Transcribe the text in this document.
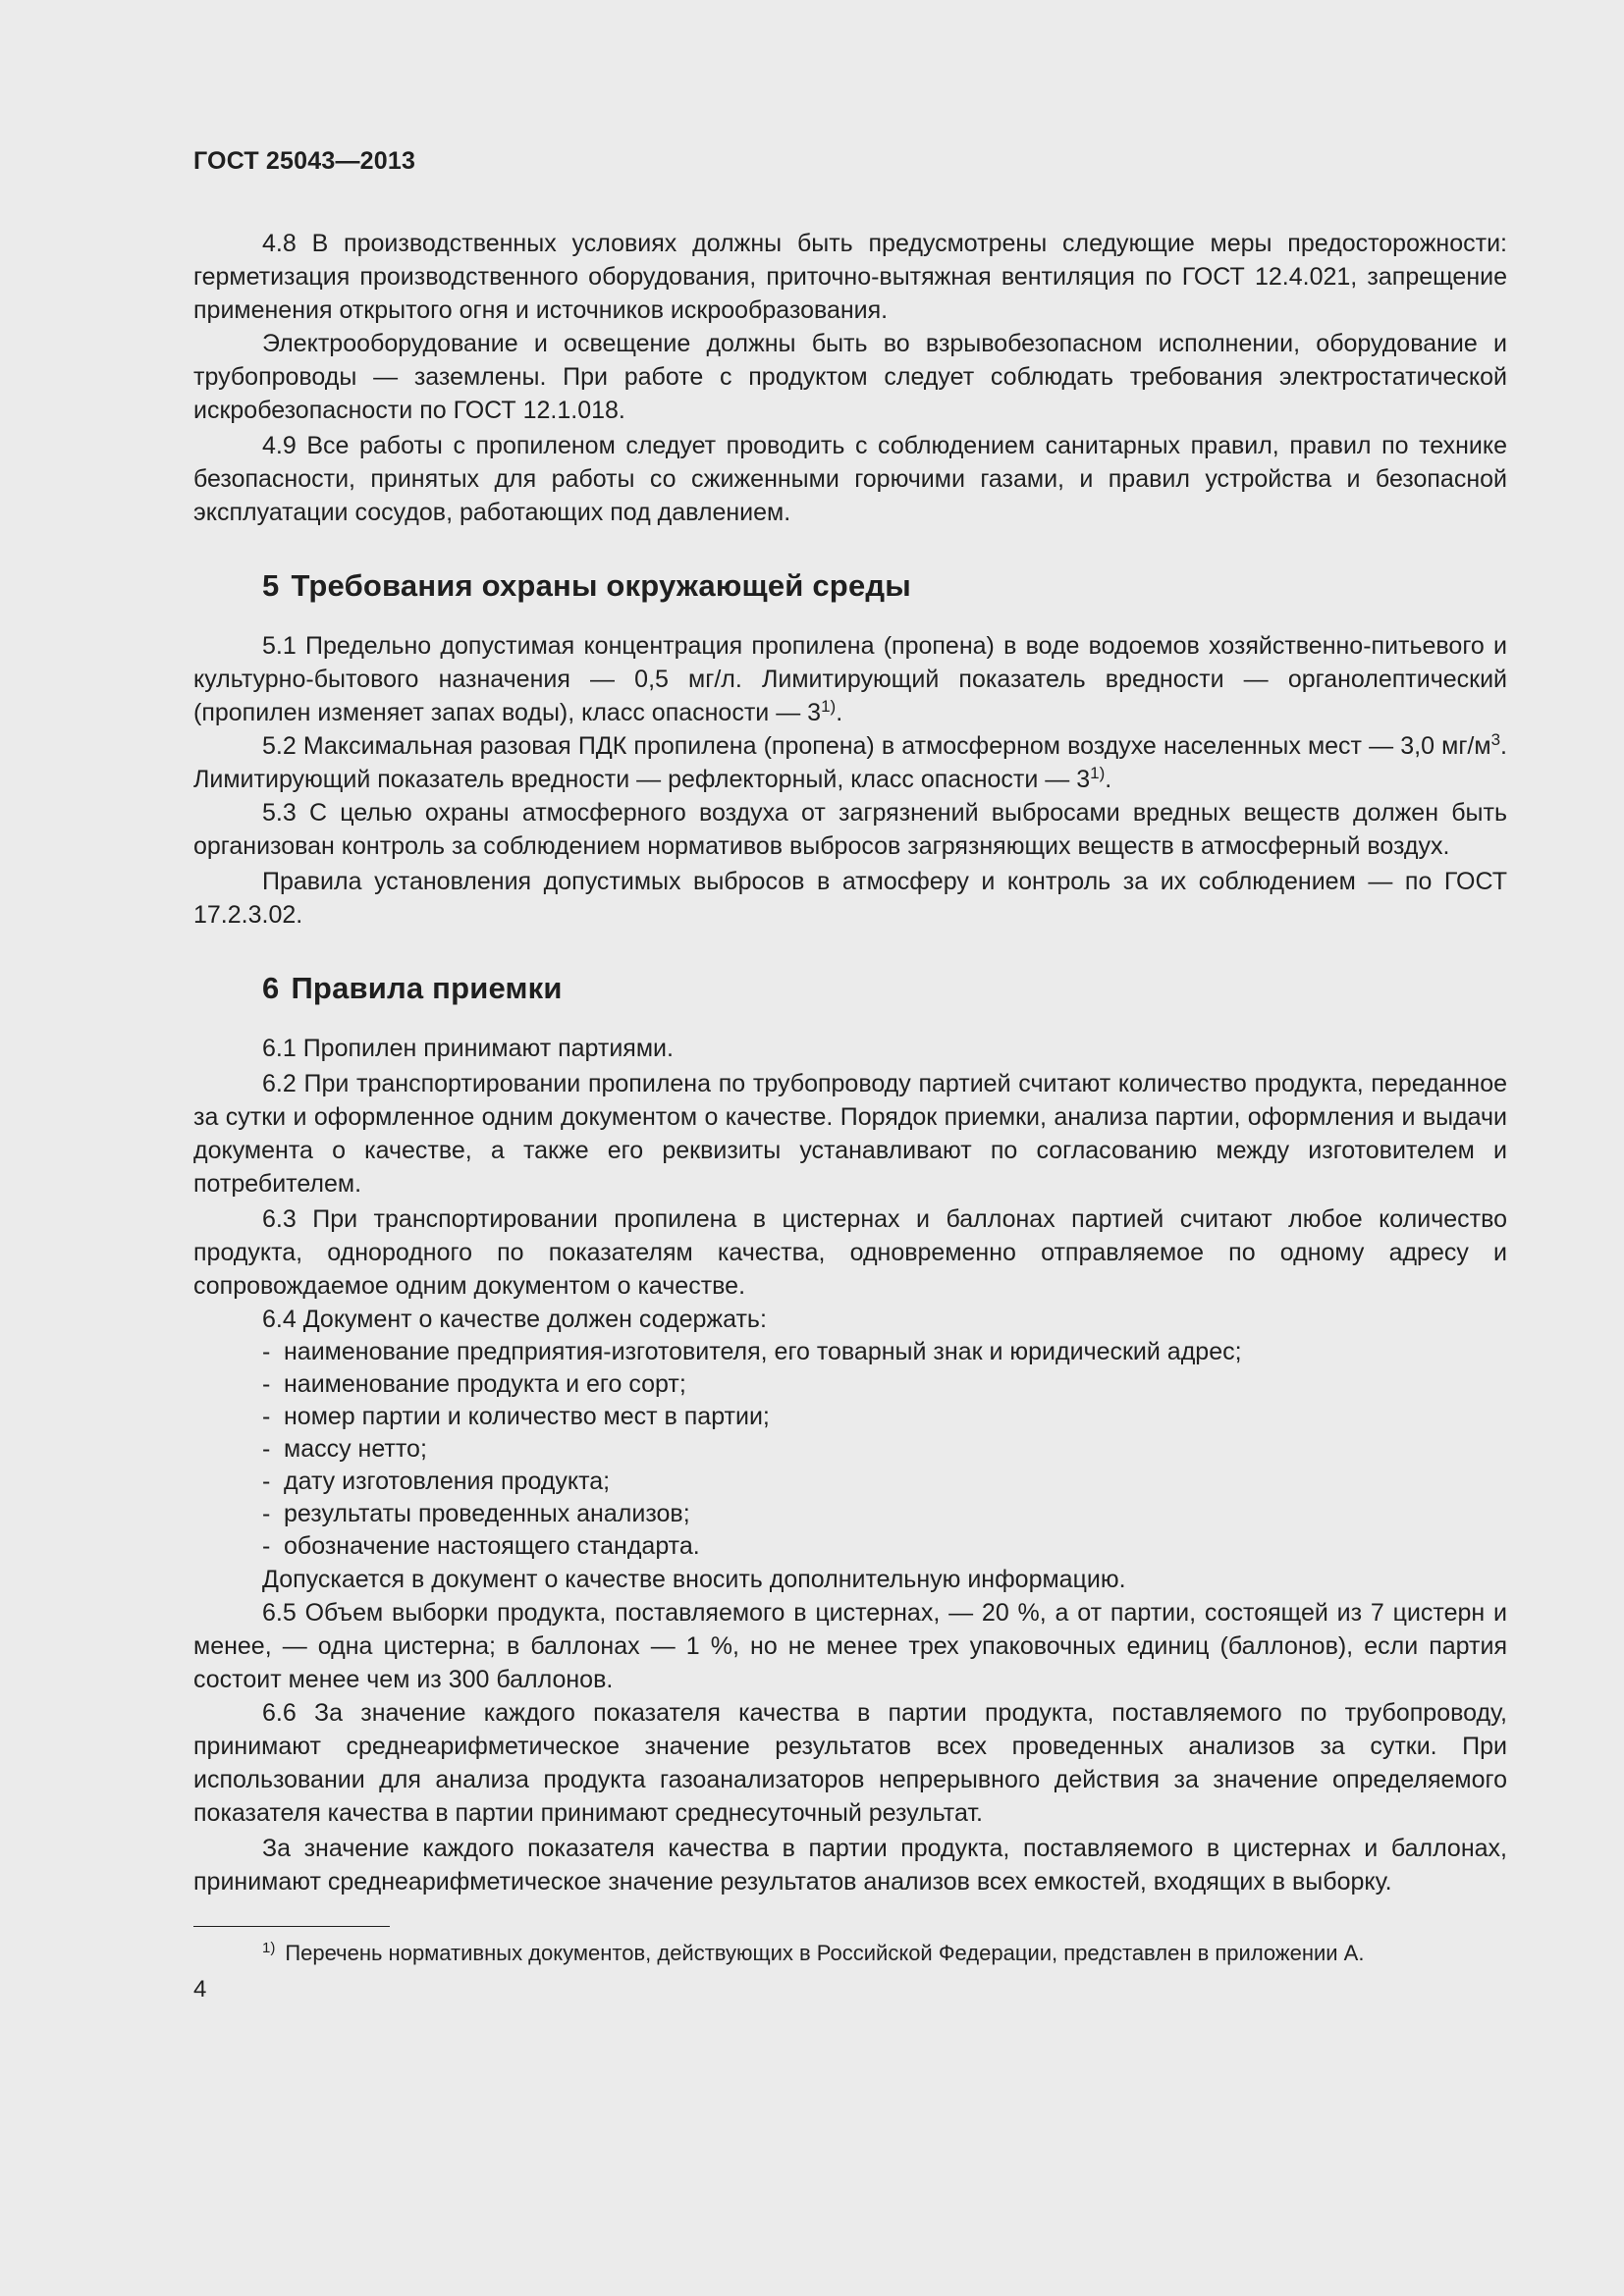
ГОСТ 25043—2013

4.8 В производственных условиях должны быть предусмотрены следующие меры предосторожности: герметизация производственного оборудования, приточно-вытяжная вентиляция по ГОСТ 12.4.021, запрещение применения открытого огня и источников искрообразования.

Электрооборудование и освещение должны быть во взрывобезопасном исполнении, оборудование и трубопроводы — заземлены. При работе с продуктом следует соблюдать требования электростатической искробезопасности по ГОСТ 12.1.018.

4.9 Все работы с пропиленом следует проводить с соблюдением санитарных правил, правил по технике безопасности, принятых для работы со сжиженными горючими газами, и правил устройства и безопасной эксплуатации сосудов, работающих под давлением.

5 Требования охраны окружающей среды

5.1 Предельно допустимая концентрация пропилена (пропена) в воде водоемов хозяйственно-питьевого и культурно-бытового назначения — 0,5 мг/л. Лимитирующий показатель вредности — органолептический (пропилен изменяет запах воды), класс опасности — 3$^{1)}$.

5.2 Максимальная разовая ПДК пропилена (пропена) в атмосферном воздухе населенных мест — 3,0 $мг/м^3$. Лимитирующий показатель вредности — рефлекторный, класс опасности — 3$^{1)}$.

5.3 С целью охраны атмосферного воздуха от загрязнений выбросами вредных веществ должен быть организован контроль за соблюдением нормативов выбросов загрязняющих веществ в атмосферный воздух.

Правила установления допустимых выбросов в атмосферу и контроль за их соблюдением — по ГОСТ 17.2.3.02.

6 Правила приемки

6.1 Пропилен принимают партиями.

6.2 При транспортировании пропилена по трубопроводу партией считают количество продукта, переданное за сутки и оформленное одним документом о качестве. Порядок приемки, анализа партии, оформления и выдачи документа о качестве, а также его реквизиты устанавливают по согласованию между изготовителем и потребителем.

6.3 При транспортировании пропилена в цистернах и баллонах партией считают любое количество продукта, однородного по показателям качества, одновременно отправляемое по одному адресу и сопровождаемое одним документом о качестве.

6.4 Документ о качестве должен содержать:

- наименование предприятия-изготовителя, его товарный знак и юридический адрес;
- наименование продукта и его сорт;
- номер партии и количество мест в партии;
- массу нетто;
- дату изготовления продукта;
- результаты проведенных анализов;
- обозначение настоящего стандарта.

Допускается в документ о качестве вносить дополнительную информацию.

6.5 Объем выборки продукта, поставляемого в цистернах, — 20 %, а от партии, состоящей из 7 цистерн и менее, — одна цистерна; в баллонах — 1 %, но не менее трех упаковочных единиц (баллонов), если партия состоит менее чем из 300 баллонов.

6.6 За значение каждого показателя качества в партии продукта, поставляемого по трубопроводу, принимают среднеарифметическое значение результатов всех проведенных анализов за сутки. При использовании для анализа продукта газоанализаторов непрерывного действия за значение определяемого показателя качества в партии принимают среднесуточный результат.

За значение каждого показателя качества в партии продукта, поставляемого в цистернах и баллонах, принимают среднеарифметическое значение результатов анализов всех емкостей, входящих в выборку.

$^{1)}$ Перечень нормативных документов, действующих в Российской Федерации, представлен в приложении А.
4
